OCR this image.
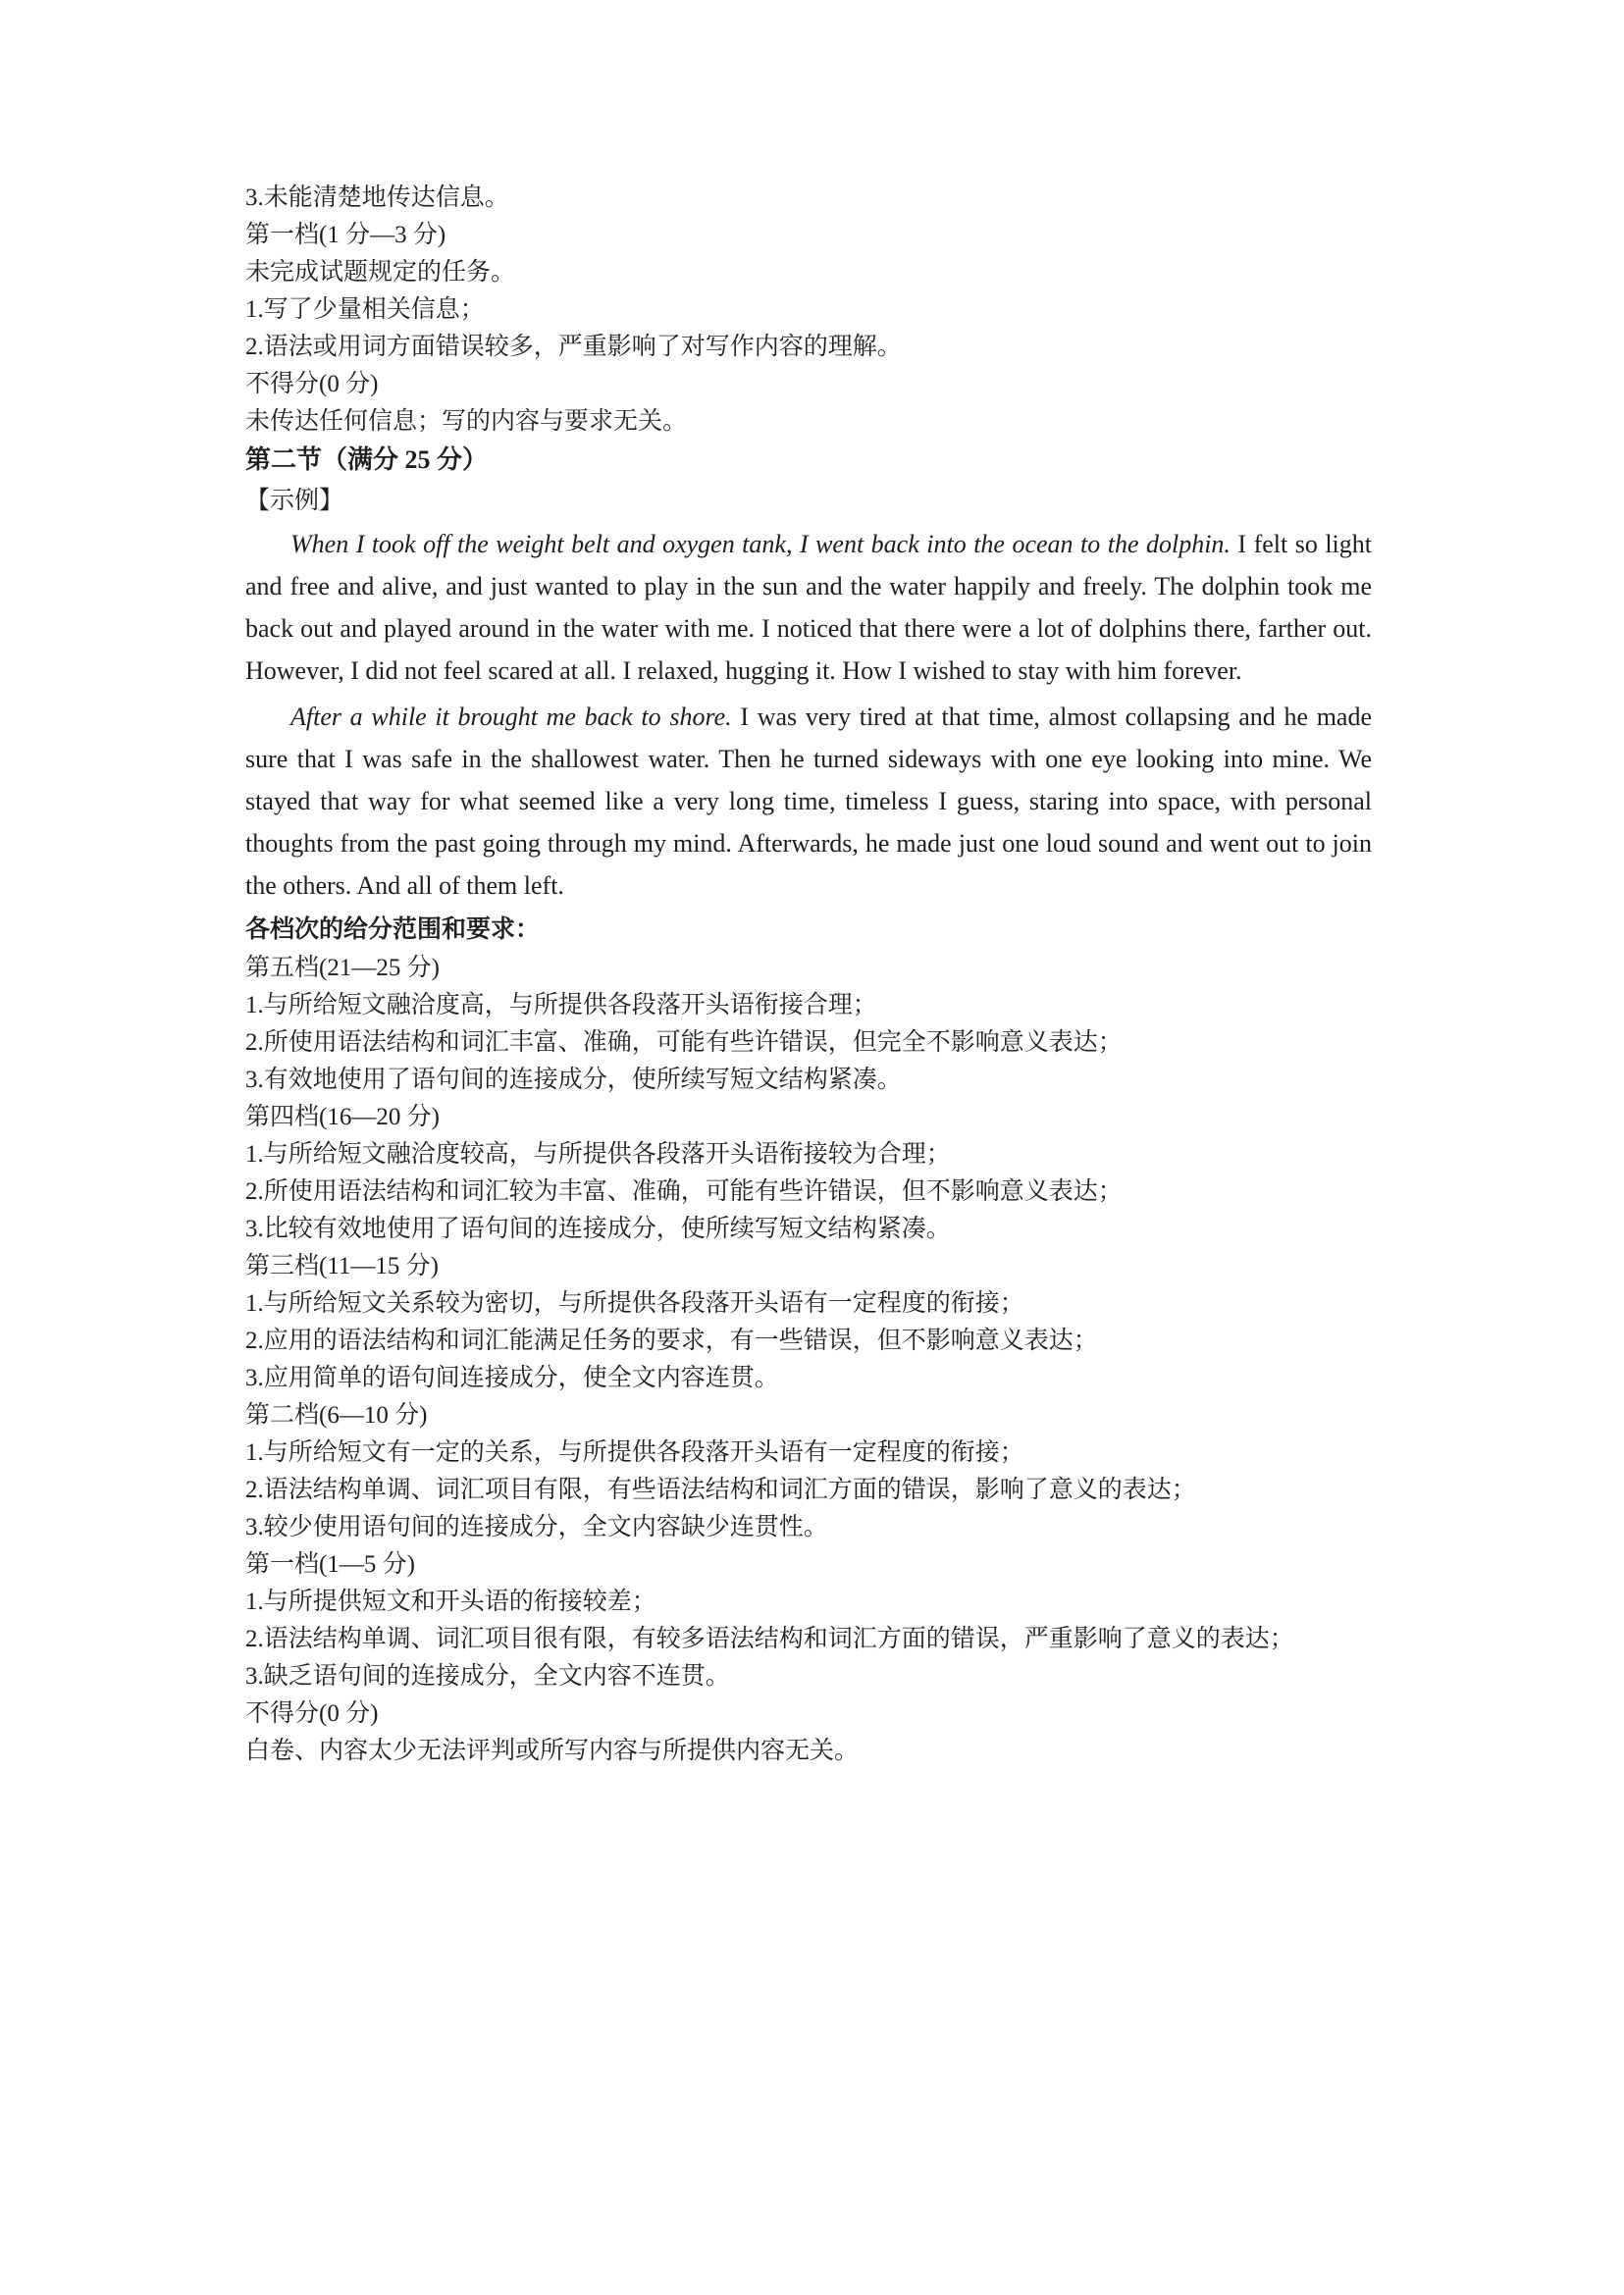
3.未能清楚地传达信息。
第一档(1 分—3 分)
未完成试题规定的任务。
1.写了少量相关信息；
2.语法或用词方面错误较多，严重影响了对写作内容的理解。
不得分(0 分)
未传达任何信息；写的内容与要求无关。
第二节（满分 25 分）
【示例】

When I took off the weight belt and oxygen tank, I went back into the ocean to the dolphin. I felt so light and free and alive, and just wanted to play in the sun and the water happily and freely. The dolphin took me back out and played around in the water with me. I noticed that there were a lot of dolphins there, farther out. However, I did not feel scared at all. I relaxed, hugging it. How I wished to stay with him forever.

After a while it brought me back to shore. I was very tired at that time, almost collapsing and he made sure that I was safe in the shallowest water. Then he turned sideways with one eye looking into mine. We stayed that way for what seemed like a very long time, timeless I guess, staring into space, with personal thoughts from the past going through my mind. Afterwards, he made just one loud sound and went out to join the others. And all of them left.

各档次的给分范围和要求：
第五档(21—25 分)
1.与所给短文融洽度高，与所提供各段落开头语衔接合理；
2.所使用语法结构和词汇丰富、准确，可能有些许错误，但完全不影响意义表达；
3.有效地使用了语句间的连接成分，使所续写短文结构紧凑。
第四档(16—20 分)
1.与所给短文融洽度较高，与所提供各段落开头语衔接较为合理；
2.所使用语法结构和词汇较为丰富、准确，可能有些许错误，但不影响意义表达；
3.比较有效地使用了语句间的连接成分，使所续写短文结构紧凑。
第三档(11—15 分)
1.与所给短文关系较为密切，与所提供各段落开头语有一定程度的衔接；
2.应用的语法结构和词汇能满足任务的要求，有一些错误，但不影响意义表达；
3.应用简单的语句间连接成分，使全文内容连贯。
第二档(6—10 分)
1.与所给短文有一定的关系，与所提供各段落开头语有一定程度的衔接；
2.语法结构单调、词汇项目有限，有些语法结构和词汇方面的错误，影响了意义的表达；
3.较少使用语句间的连接成分，全文内容缺少连贯性。
第一档(1—5 分)
1.与所提供短文和开头语的衔接较差；
2.语法结构单调、词汇项目很有限，有较多语法结构和词汇方面的错误，严重影响了意义的表达；
3.缺乏语句间的连接成分，全文内容不连贯。
不得分(0 分)
白卷、内容太少无法评判或所写内容与所提供内容无关。
